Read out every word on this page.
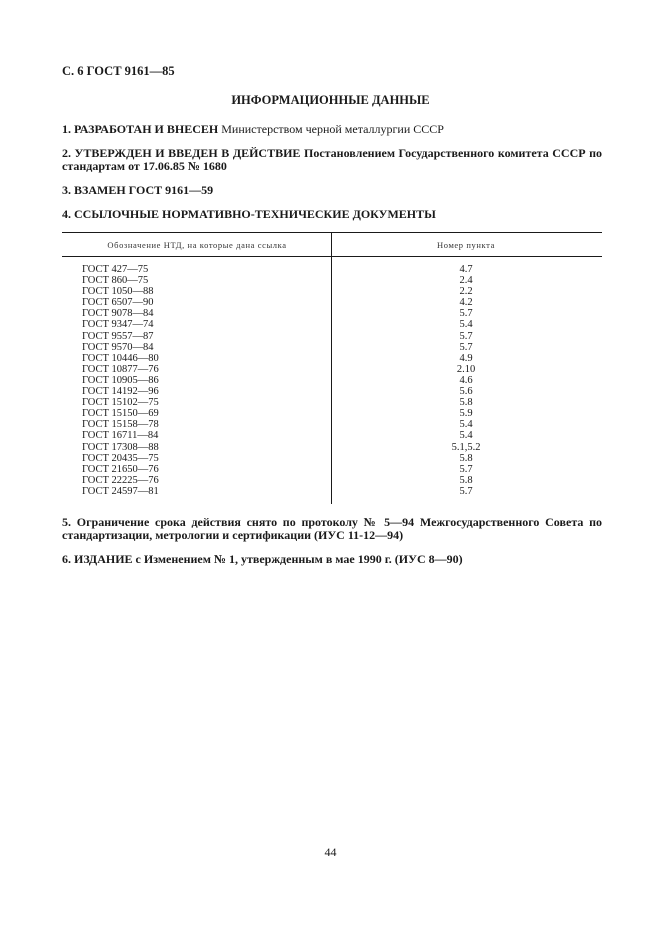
С. 6 ГОСТ 9161—85
ИНФОРМАЦИОННЫЕ ДАННЫЕ
1. РАЗРАБОТАН И ВНЕСЕН Министерством черной металлургии СССР
2. УТВЕРЖДЕН И ВВЕДЕН В ДЕЙСТВИЕ Постановлением Государственного комитета СССР по стандартам от 17.06.85 № 1680
3. ВЗАМЕН ГОСТ 9161—59
4. ССЫЛОЧНЫЕ НОРМАТИВНО-ТЕХНИЧЕСКИЕ ДОКУМЕНТЫ
Обозначение НТД, на которые дана ссылка	Номер пункта
ГОСТ 427—75
ГОСТ 860—75
ГОСТ 1050—88
ГОСТ 6507—90
ГОСТ 9078—84
ГОСТ 9347—74
ГОСТ 9557—87
ГОСТ 9570—84
ГОСТ 10446—80
ГОСТ 10877—76
ГОСТ 10905—86
ГОСТ 14192—96
ГОСТ 15102—75
ГОСТ 15150—69
ГОСТ 15158—78
ГОСТ 16711—84
ГОСТ 17308—88
ГОСТ 20435—75
ГОСТ 21650—76
ГОСТ 22225—76
ГОСТ 24597—81
4.7
2.4
2.2
4.2
5.7
5.4
5.7
5.7
4.9
2.10
4.6
5.6
5.8
5.9
5.4
5.4
5.1,5.2
5.8
5.7
5.8
5.7
5. Ограничение срока действия снято по протоколу № 5—94 Межгосударственного Совета по стандартизации, метрологии и сертификации (ИУС 11-12—94)
6. ИЗДАНИЕ с Изменением № 1, утвержденным в мае 1990 г. (ИУС 8—90)
44
